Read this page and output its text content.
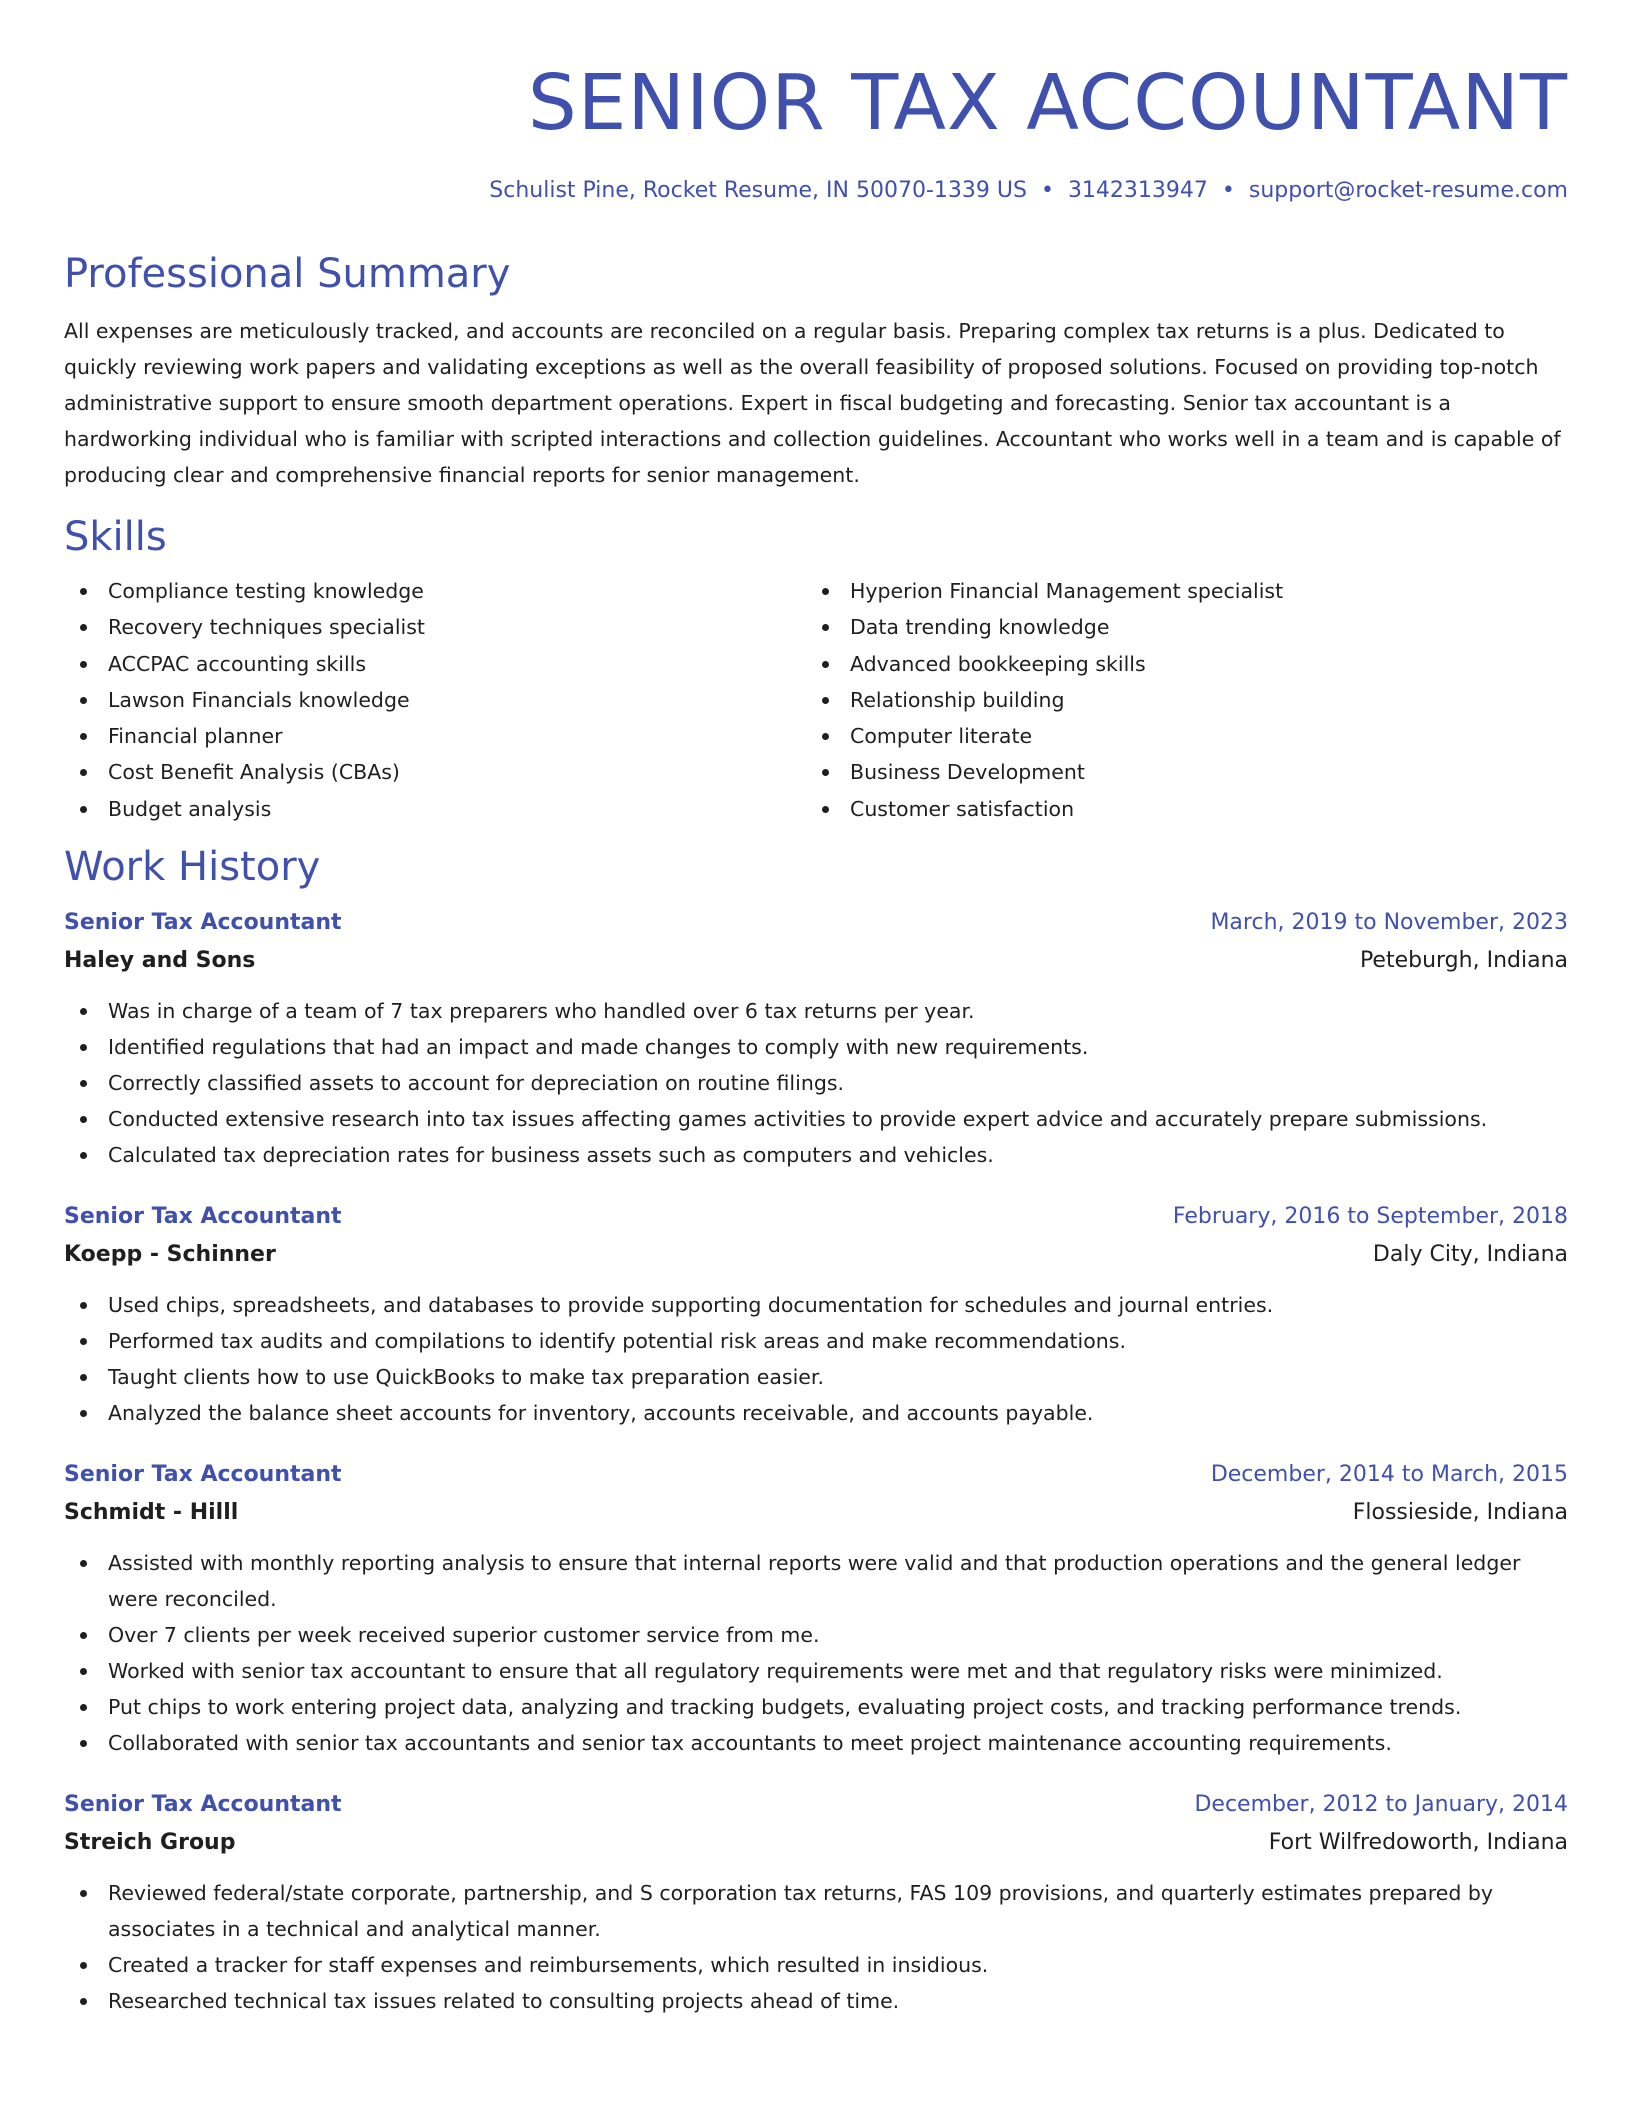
SENIOR TAX ACCOUNTANT
Schulist Pine, Rocket Resume, IN 50070-1339 US • 3142313947 • support@rocket-resume.com
Professional Summary
All expenses are meticulously tracked, and accounts are reconciled on a regular basis. Preparing complex tax returns is a plus. Dedicated to quickly reviewing work papers and validating exceptions as well as the overall feasibility of proposed solutions. Focused on providing top-notch administrative support to ensure smooth department operations. Expert in fiscal budgeting and forecasting. Senior tax accountant is a hardworking individual who is familiar with scripted interactions and collection guidelines. Accountant who works well in a team and is capable of producing clear and comprehensive financial reports for senior management.
Skills
Compliance testing knowledge
Recovery techniques specialist
ACCPAC accounting skills
Lawson Financials knowledge
Financial planner
Cost Benefit Analysis (CBAs)
Budget analysis
Hyperion Financial Management specialist
Data trending knowledge
Advanced bookkeeping skills
Relationship building
Computer literate
Business Development
Customer satisfaction
Work History
Senior Tax Accountant	March, 2019 to November, 2023
Haley and Sons	Peteburgh, Indiana
Was in charge of a team of 7 tax preparers who handled over 6 tax returns per year.
Identified regulations that had an impact and made changes to comply with new requirements.
Correctly classified assets to account for depreciation on routine filings.
Conducted extensive research into tax issues affecting games activities to provide expert advice and accurately prepare submissions.
Calculated tax depreciation rates for business assets such as computers and vehicles.
Senior Tax Accountant	February, 2016 to September, 2018
Koepp - Schinner	Daly City, Indiana
Used chips, spreadsheets, and databases to provide supporting documentation for schedules and journal entries.
Performed tax audits and compilations to identify potential risk areas and make recommendations.
Taught clients how to use QuickBooks to make tax preparation easier.
Analyzed the balance sheet accounts for inventory, accounts receivable, and accounts payable.
Senior Tax Accountant	December, 2014 to March, 2015
Schmidt - Hilll	Flossieside, Indiana
Assisted with monthly reporting analysis to ensure that internal reports were valid and that production operations and the general ledger were reconciled.
Over 7 clients per week received superior customer service from me.
Worked with senior tax accountant to ensure that all regulatory requirements were met and that regulatory risks were minimized.
Put chips to work entering project data, analyzing and tracking budgets, evaluating project costs, and tracking performance trends.
Collaborated with senior tax accountants and senior tax accountants to meet project maintenance accounting requirements.
Senior Tax Accountant	December, 2012 to January, 2014
Streich Group	Fort Wilfredoworth, Indiana
Reviewed federal/state corporate, partnership, and S corporation tax returns, FAS 109 provisions, and quarterly estimates prepared by associates in a technical and analytical manner.
Created a tracker for staff expenses and reimbursements, which resulted in insidious.
Researched technical tax issues related to consulting projects ahead of time.
